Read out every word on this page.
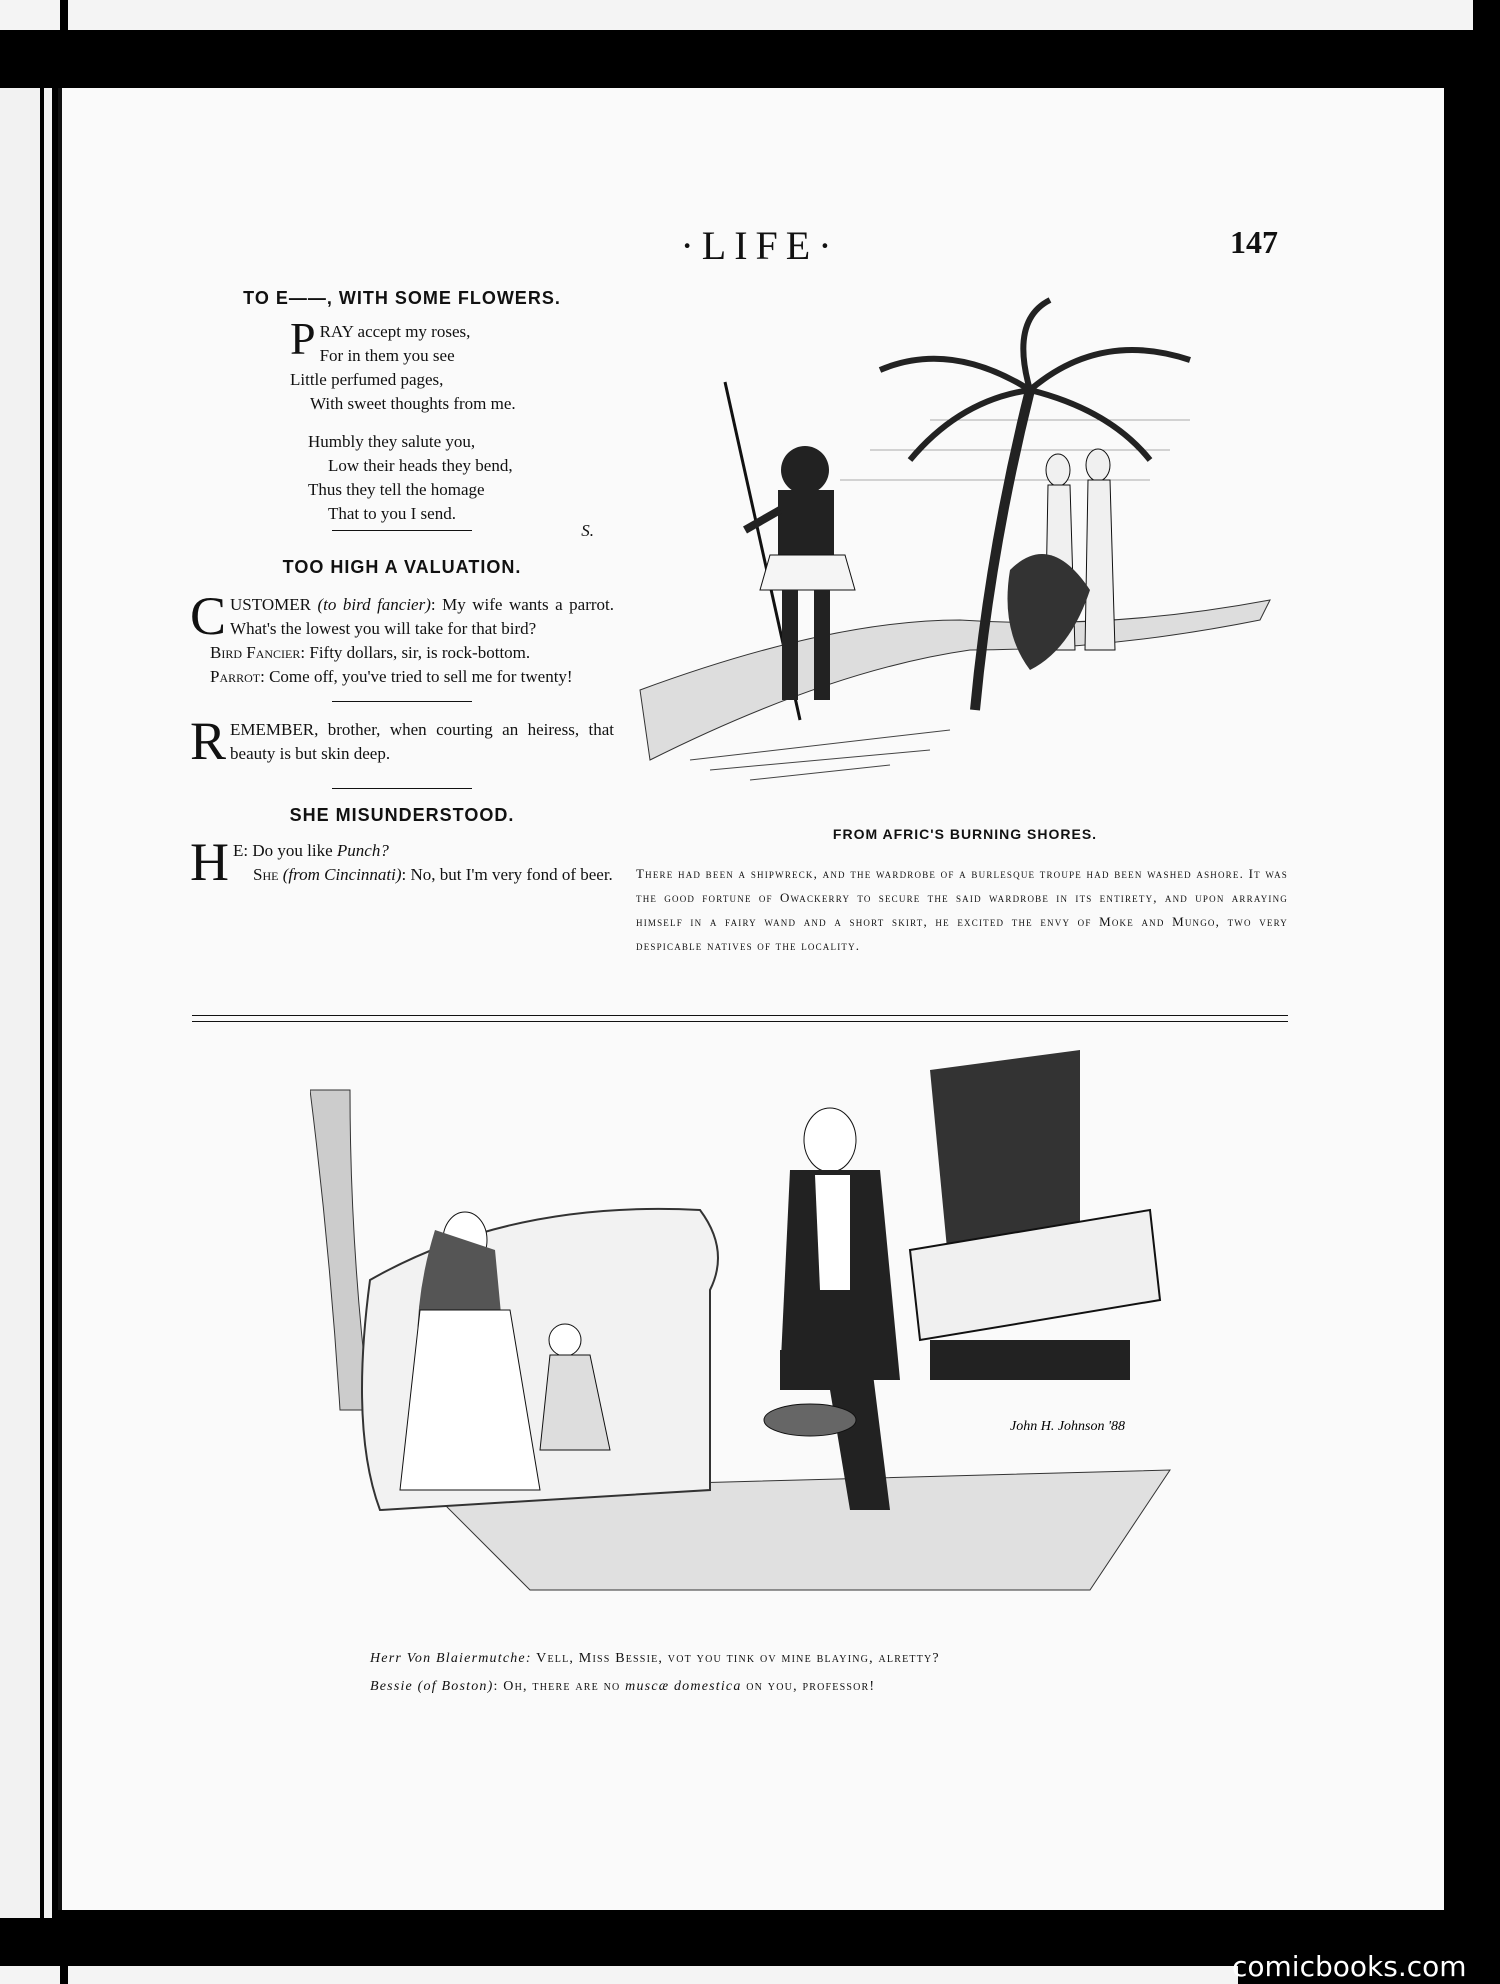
·LIFE·	147
TO E——, WITH SOME FLOWERS.

PRAY accept my roses,

For in them you see

Little perfumed pages,

With sweet thoughts from me.

Humbly they salute you,

Low their heads they bend,

Thus they tell the homage

That to you I send.

S.
TOO HIGH A VALUATION.

CUSTOMER (to bird fancier): My wife wants a parrot. What's the lowest you will take for that bird?

Bird Fancier: Fifty dollars, sir, is rock-bottom.

Parrot: Come off, you've tried to sell me for twenty!

REMEMBER, brother, when courting an heiress, that beauty is but skin deep.

SHE MISUNDERSTOOD.

H E: Do you like Punch?

She (from Cincinnati): No, but I'm very fond of beer.

FROM AFRIC'S BURNING SHORES.
There had been a shipwreck, and the wardrobe of a burlesque troupe had been washed ashore. It was the good fortune of Owackerry to secure the said wardrobe in its entirety, and upon arraying himself in a fairy wand and a short skirt, he excited the envy of Moke and Mungo, two very despicable natives of the locality.
John H. Johnson '88
Herr Von Blaiermutche: Vell, Miss Bessie, vot you tink ov mine blaying, alretty?
Bessie (of Boston): Oh, there are no muscæ domestica on you, professor!
comicbooks.com
